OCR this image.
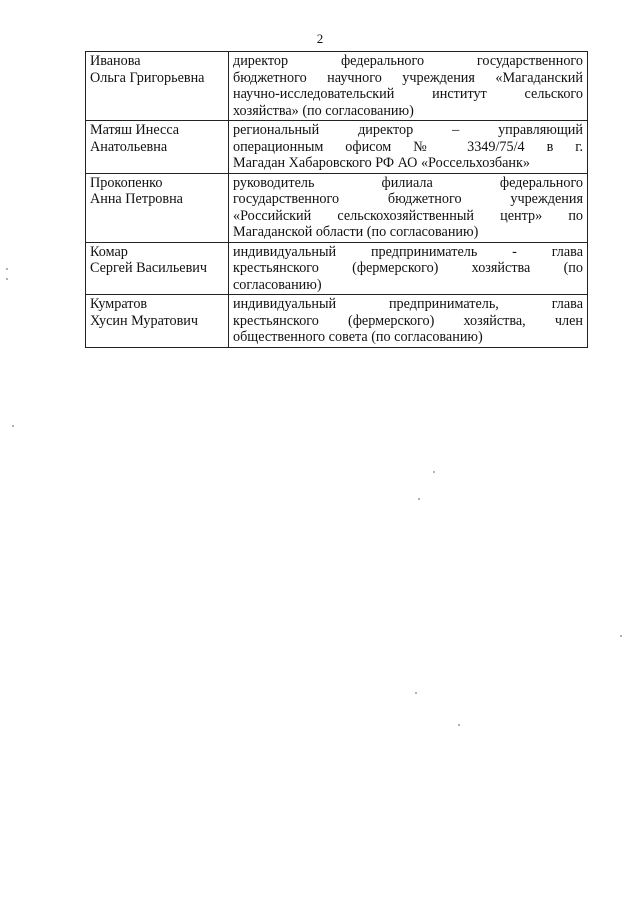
2
Иванова
Ольга Григорьевна	директор федерального государственного
бюджетного научного учреждения «Магаданский
научно-исследовательский институт сельского
хозяйства» (по согласованию)

Матяш Инесса
Анатольевна	региональный директор – управляющий
операционным офисом № 3349/75/4 в г.
Магадан Хабаровского РФ АО «Россельхозбанк»

Прокопенко
Анна Петровна	руководитель филиала федерального
государственного бюджетного учреждения
«Российский сельскохозяйственный центр» по
Магаданской области (по согласованию)

Комар
Сергей Васильевич	индивидуальный предприниматель - глава
крестьянского (фермерского) хозяйства (по
согласованию)

Кумратов
Хусин Муратович	индивидуальный предприниматель, глава
крестьянского (фермерского) хозяйства, член
общественного совета (по согласованию)
